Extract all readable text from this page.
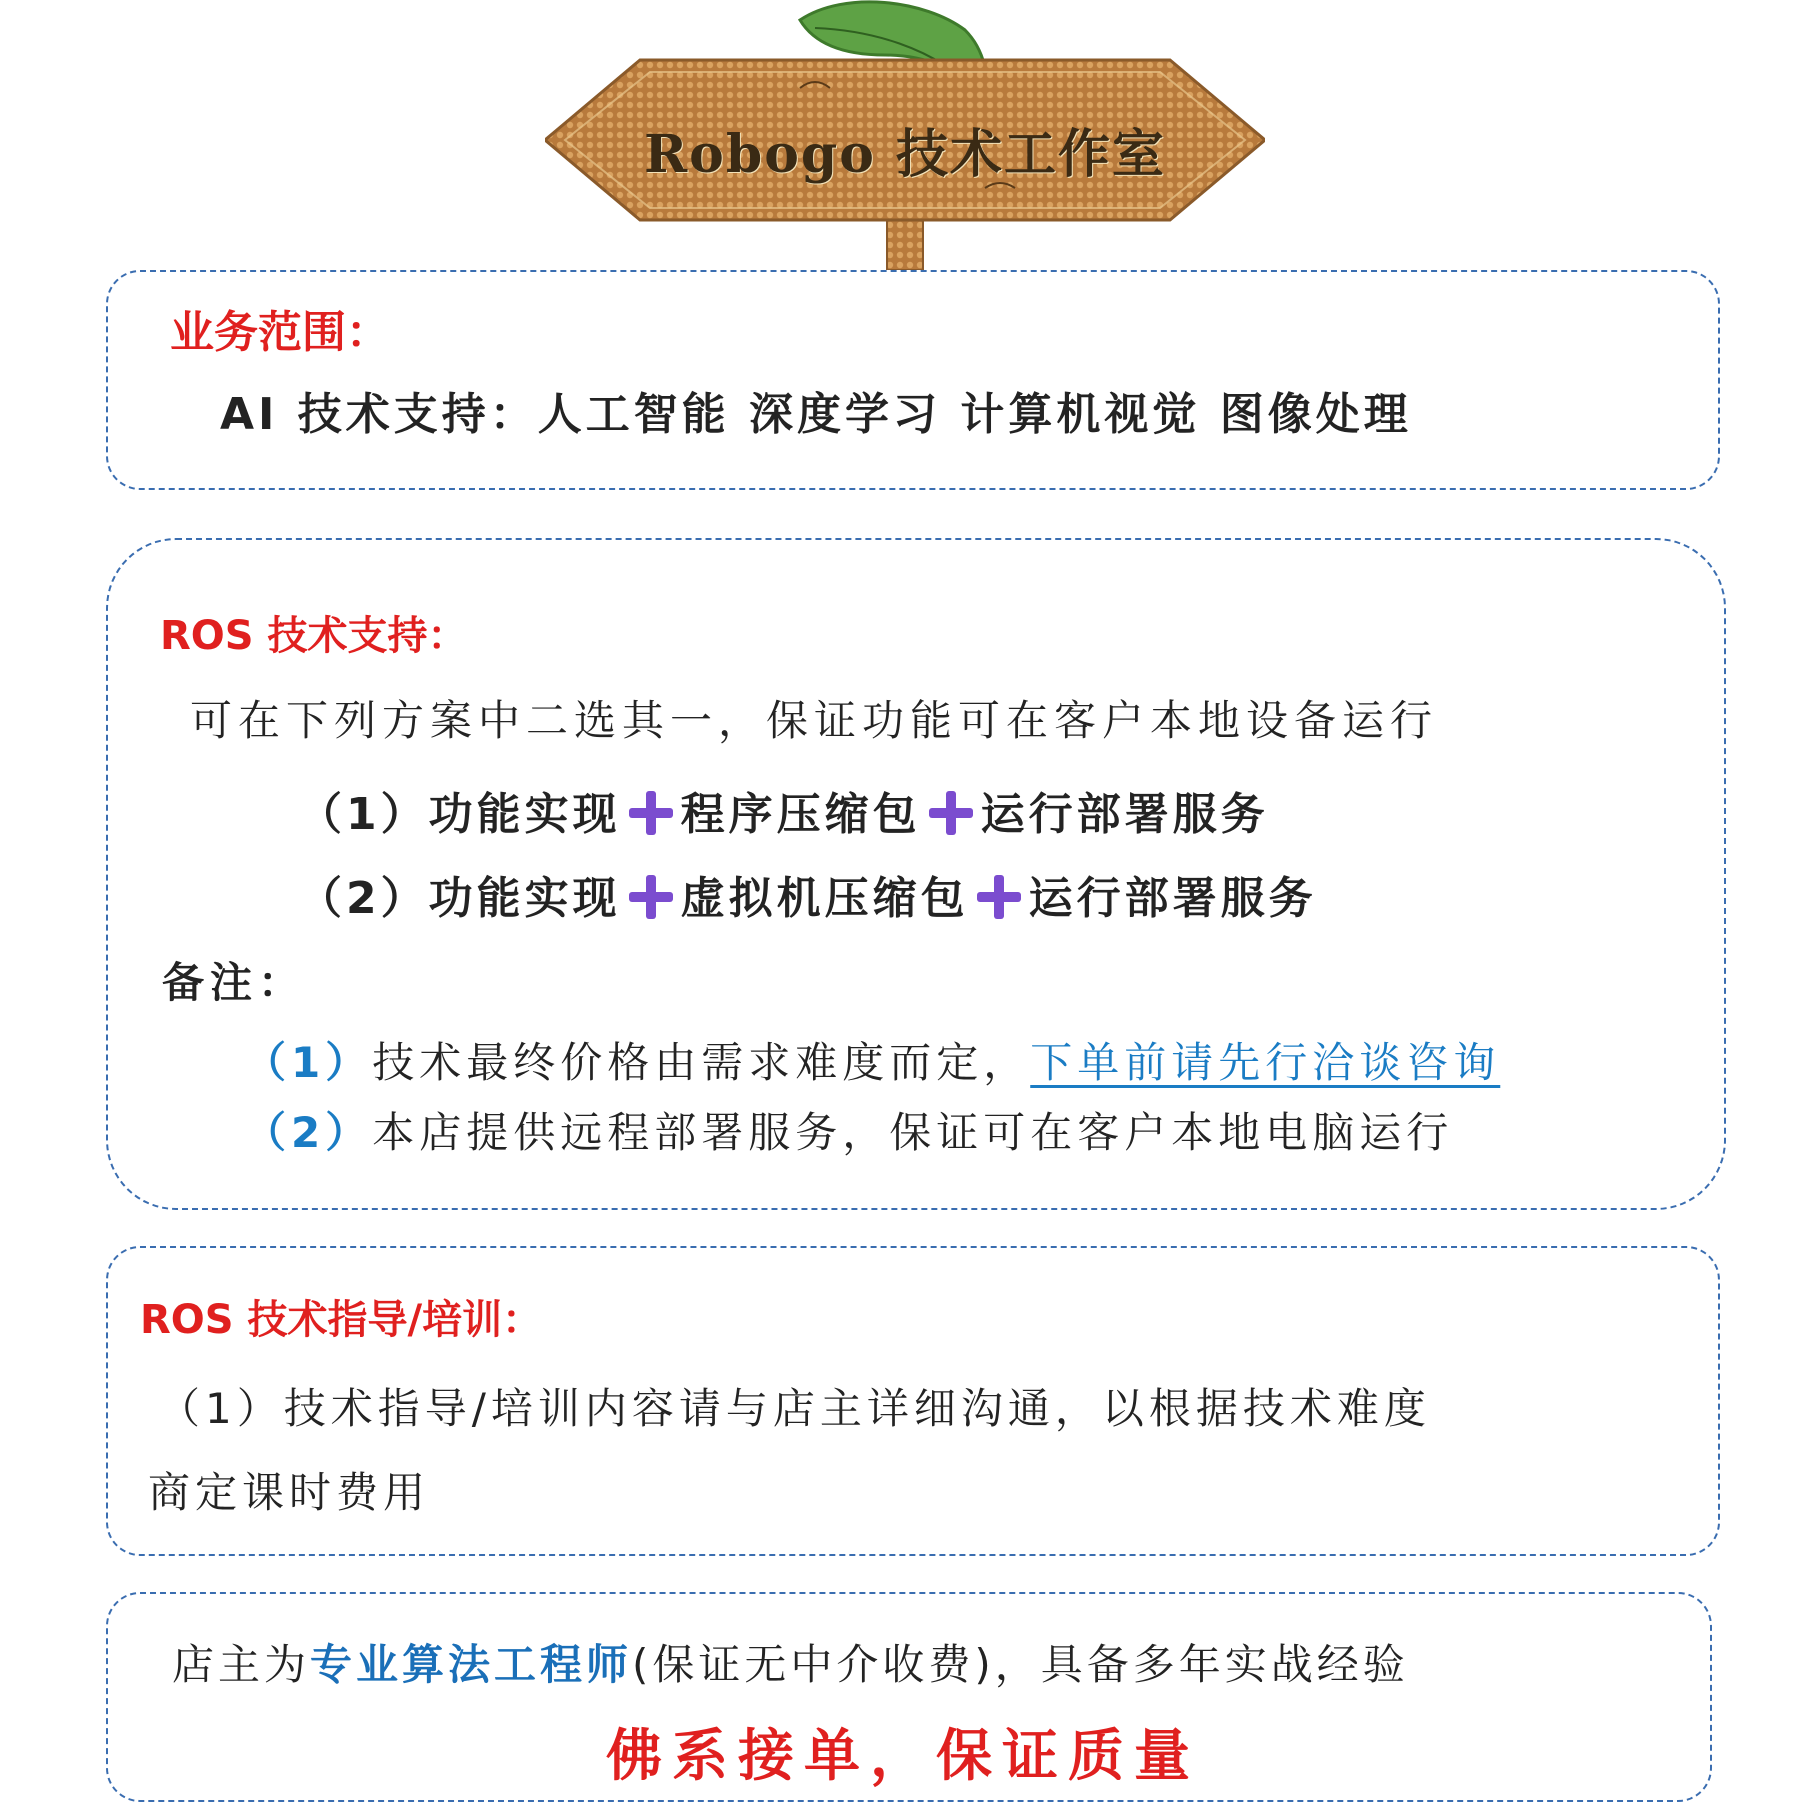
Robogo 技术工作室
业务范围：
AI 技术支持：人工智能 深度学习 计算机视觉 图像处理
ROS 技术支持：
可在下列方案中二选其一，保证功能可在客户本地设备运行
（1）功能实现 程序压缩包 运行部署服务
（2）功能实现 虚拟机压缩包 运行部署服务
备注：
（1）技术最终价格由需求难度而定，下单前请先行洽谈咨询
（2）本店提供远程部署服务，保证可在客户本地电脑运行
ROS 技术指导/培训：
（1）技术指导/培训内容请与店主详细沟通，以根据技术难度
商定课时费用
店主为专业算法工程师(保证无中介收费)，具备多年实战经验
佛系接单，保证质量
